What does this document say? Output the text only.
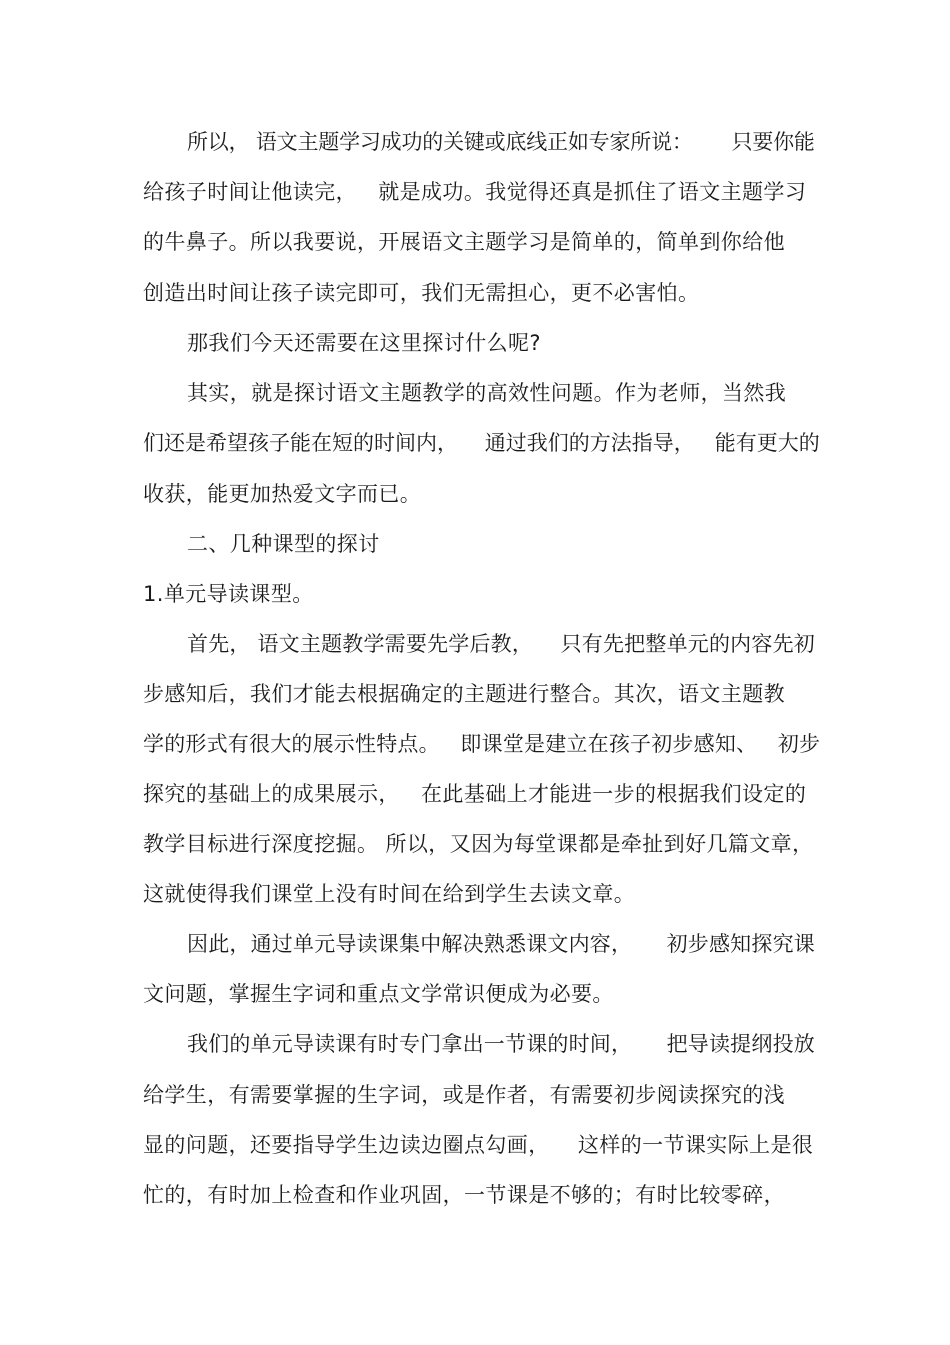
所以， 语文主题学习成功的关键或底线正如专家所说：      只要你能
给孩子时间让他读完，   就是成功。我觉得还真是抓住了语文主题学习
的牛鼻子。所以我要说，开展语文主题学习是简单的，简单到你给他
创造出时间让孩子读完即可，我们无需担心，更不必害怕。
那我们今天还需要在这里探讨什么呢?
其实，就是探讨语文主题教学的高效性问题。作为老师，当然我
们还是希望孩子能在短的时间内，    通过我们的方法指导，   能有更大的
收获，能更加热爱文字而已。
二、几种课型的探讨
1.单元导读课型。
首先， 语文主题教学需要先学后教，    只有先把整单元的内容先初
步感知后，我们才能去根据确定的主题进行整合。其次，语文主题教
学的形式有很大的展示性特点。   即课堂是建立在孩子初步感知、   初步
探究的基础上的成果展示，   在此基础上才能进一步的根据我们设定的
教学目标进行深度挖掘。 所以，又因为每堂课都是牵扯到好几篇文章，
这就使得我们课堂上没有时间在给到学生去读文章。
因此，通过单元导读课集中解决熟悉课文内容，     初步感知探究课
文问题，掌握生字词和重点文学常识便成为必要。
我们的单元导读课有时专门拿出一节课的时间，     把导读提纲投放
给学生，有需要掌握的生字词，或是作者，有需要初步阅读探究的浅
显的问题，还要指导学生边读边圈点勾画，    这样的一节课实际上是很
忙的，有时加上检查和作业巩固，一节课是不够的；有时比较零碎，
